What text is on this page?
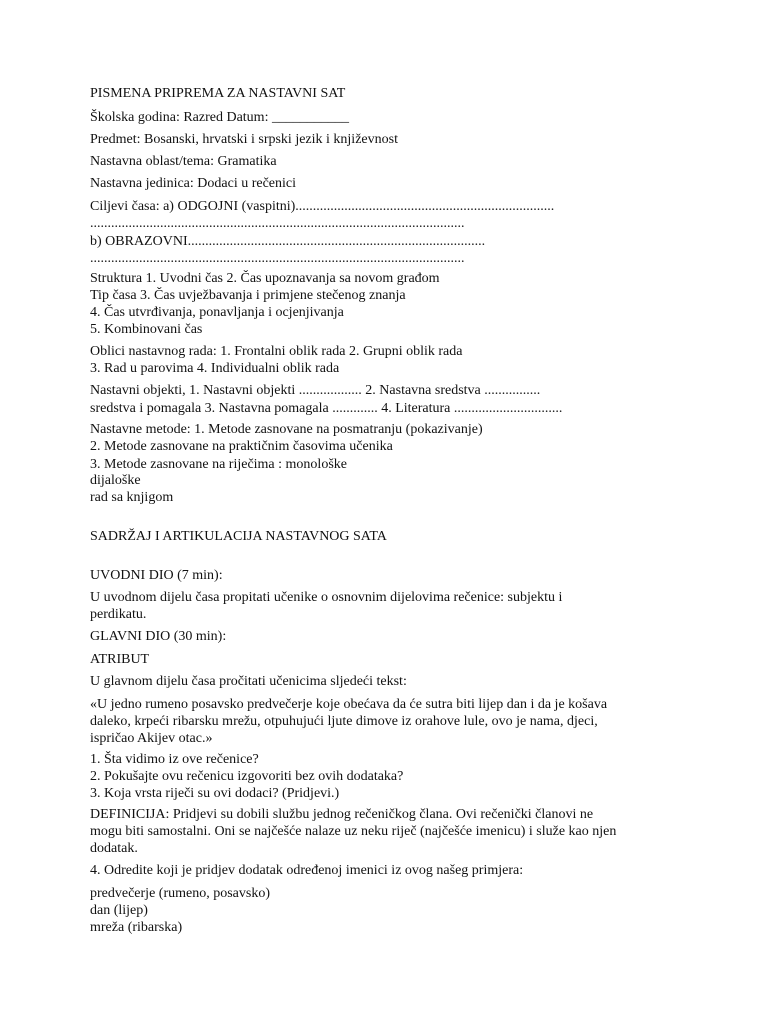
PISMENA PRIPREMA ZA NASTAVNI SAT
Školska godina: Razred Datum: ___________
Predmet: Bosanski, hrvatski i srpski jezik i književnost
Nastavna oblast/tema: Gramatika
Nastavna jedinica: Dodaci u rečenici
Ciljevi časa: a) ODGOJNI (vaspitni)..........................................................................
...........................................................................................................
b) OBRAZOVNI.....................................................................................
...........................................................................................................
Struktura 1. Uvodni čas 2. Čas upoznavanja sa novom građom
Tip časa 3. Čas uvježbavanja i primjene stečenog znanja
4. Čas utvrđivanja, ponavljanja i ocjenjivanja
5. Kombinovani čas
Oblici nastavnog rada: 1. Frontalni oblik rada 2. Grupni oblik rada
3. Rad u parovima 4. Individualni oblik rada
Nastavni objekti, 1. Nastavni objekti .................. 2. Nastavna sredstva ................
sredstva i pomagala 3. Nastavna pomagala ............. 4. Literatura ...............................
Nastavne metode: 1. Metode zasnovane na posmatranju (pokazivanje)
2. Metode zasnovane na praktičnim časovima učenika
3. Metode zasnovane na riječima : monološke
dijaloške
rad sa knjigom
SADRŽAJ I ARTIKULACIJA NASTAVNOG SATA
UVODNI DIO (7 min):
U uvodnom dijelu časa propitati učenike o osnovnim dijelovima rečenice: subjektu i
perdikatu.
GLAVNI DIO (30 min):
ATRIBUT
U glavnom dijelu časa pročitati učenicima sljedeći tekst:
«U jedno rumeno posavsko predvečerje koje obećava da će sutra biti lijep dan i da je košava
daleko, krpeći ribarsku mrežu, otpuhujući ljute dimove iz orahove lule, ovo je nama, djeci,
ispričao Akijev otac.»
1. Šta vidimo iz ove rečenice?
2. Pokušajte ovu rečenicu izgovoriti bez ovih dodataka?
3. Koja vrsta riječi su ovi dodaci? (Pridjevi.)
DEFINICIJA: Pridjevi su dobili službu jednog rečeničkog člana. Ovi rečenički članovi ne
mogu biti samostalni. Oni se najčešće nalaze uz neku riječ (najčešće imenicu) i služe kao njen
dodatak.
4. Odredite koji je pridjev dodatak određenoj imenici iz ovog našeg primjera:
predvečerje (rumeno, posavsko)
dan (lijep)
mreža (ribarska)
